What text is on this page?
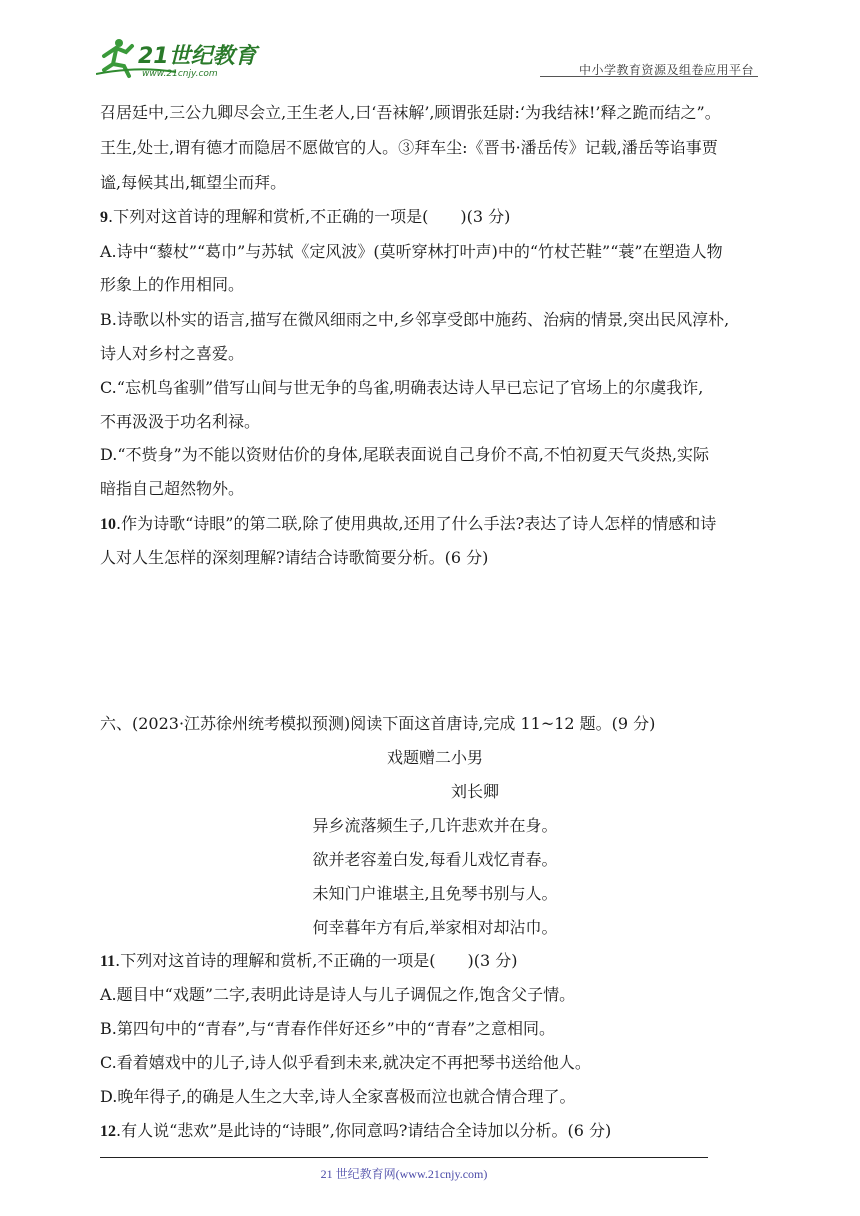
21世纪教育
www.21cnjy.com	中小学教育资源及组卷应用平台
召居廷中,三公九卿尽会立,王生老人,曰‘吾袜解’,顾谓张廷尉:‘为我结袜!’释之跪而结之”。
王生,处士,谓有德才而隐居不愿做官的人。③拜车尘:《晋书·潘岳传》记载,潘岳等谄事贾
谧,每候其出,辄望尘而拜。
9.下列对这首诗的理解和赏析,不正确的一项是(　　)(3 分)
A.诗中“藜杖”“葛巾”与苏轼《定风波》(莫听穿林打叶声)中的“竹杖芒鞋”“蓑”在塑造人物
形象上的作用相同。
B.诗歌以朴实的语言,描写在微风细雨之中,乡邻享受郎中施药、治病的情景,突出民风淳朴,
诗人对乡村之喜爱。
C.“忘机鸟雀驯”借写山间与世无争的鸟雀,明确表达诗人早已忘记了官场上的尔虞我诈,
不再汲汲于功名利禄。
D.“不赀身”为不能以资财估价的身体,尾联表面说自己身价不高,不怕初夏天气炎热,实际
暗指自己超然物外。
10.作为诗歌“诗眼”的第二联,除了使用典故,还用了什么手法?表达了诗人怎样的情感和诗
人对人生怎样的深刻理解?请结合诗歌简要分析。(6 分)
六、(2023·江苏徐州统考模拟预测)阅读下面这首唐诗,完成 11~12 题。(9 分)
戏题赠二小男
刘长卿
异乡流落频生子,几许悲欢并在身。
欲并老容羞白发,每看儿戏忆青春。
未知门户谁堪主,且免琴书别与人。
何幸暮年方有后,举家相对却沾巾。
11.下列对这首诗的理解和赏析,不正确的一项是(　　)(3 分)
A.题目中“戏题”二字,表明此诗是诗人与儿子调侃之作,饱含父子情。
B.第四句中的“青春”,与“青春作伴好还乡”中的“青春”之意相同。
C.看着嬉戏中的儿子,诗人似乎看到未来,就决定不再把琴书送给他人。
D.晚年得子,的确是人生之大幸,诗人全家喜极而泣也就合情合理了。
12.有人说“悲欢”是此诗的“诗眼”,你同意吗?请结合全诗加以分析。(6 分)
21 世纪教育网(www.21cnjy.com)
